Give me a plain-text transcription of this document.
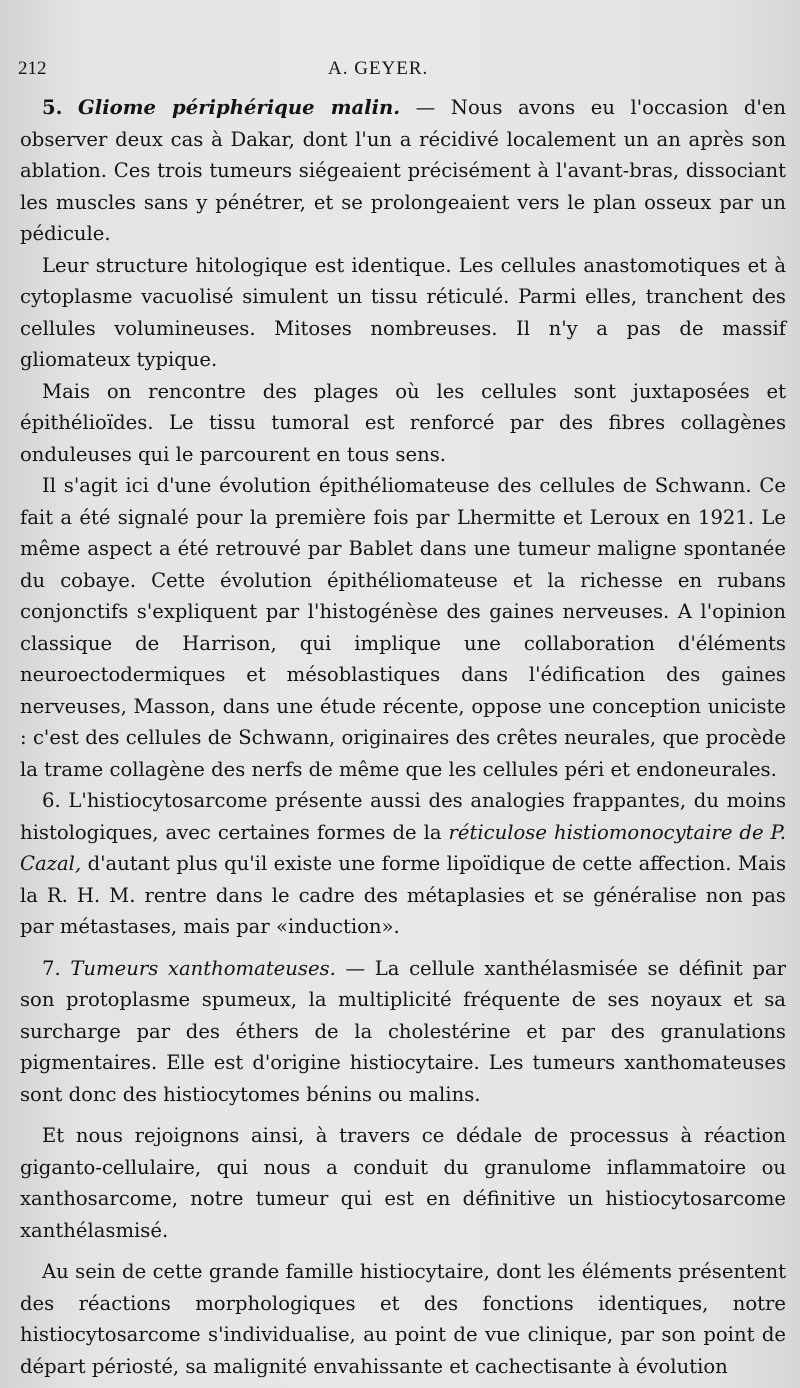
212	A. GEYER.

5. Gliome périphérique malin. — Nous avons eu l'occasion d'en observer deux cas à Dakar, dont l'un a récidivé localement un an après son ablation. Ces trois tumeurs siégeaient précisément à l'avant-bras, dissociant les muscles sans y pénétrer, et se prolongeaient vers le plan osseux par un pédicule.

Leur structure hitologique est identique. Les cellules anastomotiques et à cytoplasme vacuolisé simulent un tissu réticulé. Parmi elles, tranchent des cellules volumineuses. Mitoses nombreuses. Il n'y a pas de massif gliomateux typique.

Mais on rencontre des plages où les cellules sont juxtaposées et épithélioïdes. Le tissu tumoral est renforcé par des fibres collagènes onduleuses qui le parcourent en tous sens.

Il s'agit ici d'une évolution épithéliomateuse des cellules de Schwann. Ce fait a été signalé pour la première fois par Lhermitte et Leroux en 1921. Le même aspect a été retrouvé par Bablet dans une tumeur maligne spontanée du cobaye. Cette évolution épithéliomateuse et la richesse en rubans conjonctifs s'expliquent par l'histogénèse des gaines nerveuses. A l'opinion classique de Harrison, qui implique une collaboration d'éléments neuroectodermiques et mésoblastiques dans l'édification des gaines nerveuses, Masson, dans une étude récente, oppose une conception uniciste : c'est des cellules de Schwann, originaires des crêtes neurales, que procède la trame collagène des nerfs de même que les cellules péri et endoneurales.

6. L'histiocytosarcome présente aussi des analogies frappantes, du moins histologiques, avec certaines formes de la réticulose histiomonocytaire de P. Cazal, d'autant plus qu'il existe une forme lipoïdique de cette affection. Mais la R. H. M. rentre dans le cadre des métaplasies et se généralise non pas par métastases, mais par «induction».

7. Tumeurs xanthomateuses. — La cellule xanthélasmisée se définit par son protoplasme spumeux, la multiplicité fréquente de ses noyaux et sa surcharge par des éthers de la cholestérine et par des granulations pigmentaires. Elle est d'origine histiocytaire. Les tumeurs xanthomateuses sont donc des histiocytomes bénins ou malins.

Et nous rejoignons ainsi, à travers ce dédale de processus à réaction giganto-cellulaire, qui nous a conduit du granulome inflammatoire ou xanthosarcome, notre tumeur qui est en définitive un histiocytosarcome xanthélasmisé.

Au sein de cette grande famille histiocytaire, dont les éléments présentent des réactions morphologiques et des fonctions identiques, notre histiocytosarcome s'individualise, au point de vue clinique, par son point de départ périosté, sa malignité envahissante et cachectisante à évolution
